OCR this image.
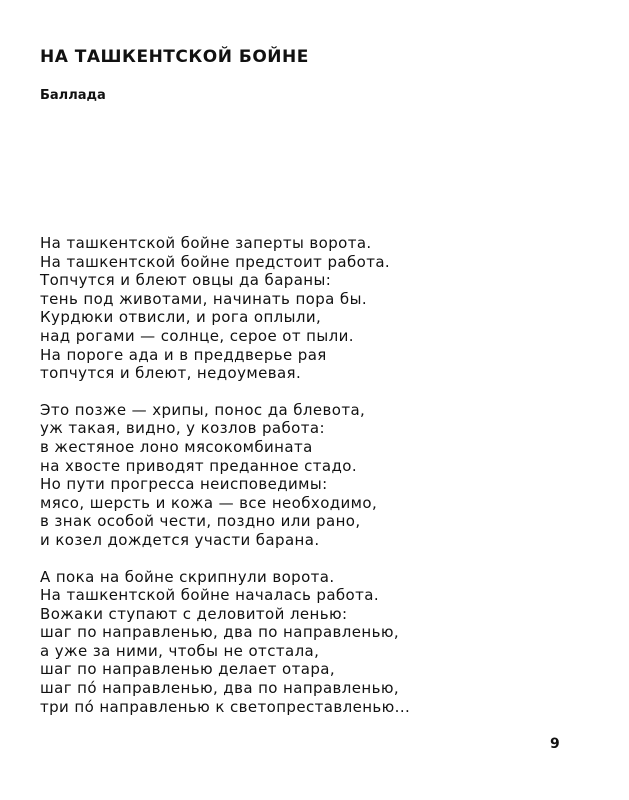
НА ТАШКЕНТСКОЙ БОЙНЕ
Баллада
На ташкентской бойне заперты ворота.
На ташкентской бойне предстоит работа.
Топчутся и блеют овцы да бараны:
тень под животами, начинать пора бы.
Курдюки отвисли, и рога оплыли,
над рогами — солнце, серое от пыли.
На пороге ада и в преддверье рая
топчутся и блеют, недоумевая.
Это позже — хрипы, понос да блевота,
уж такая, видно, у козлов работа:
в жестяное лоно мясокомбината
на хвосте приводят преданное стадо.
Но пути прогресса неисповедимы:
мясо, шерсть и кожа — все необходимо,
в знак особой чести, поздно или рано,
и козел дождется участи барана.
А пока на бойне скрипнули ворота.
На ташкентской бойне началась работа.
Вожаки ступают с деловитой ленью:
шаг по направленью, два по направленью,
а уже за ними, чтобы не отстала,
шаг по направленью делает отара,
шаг по́ направленью, два по направленью,
три по́ направленью к светопреставленью...
9
